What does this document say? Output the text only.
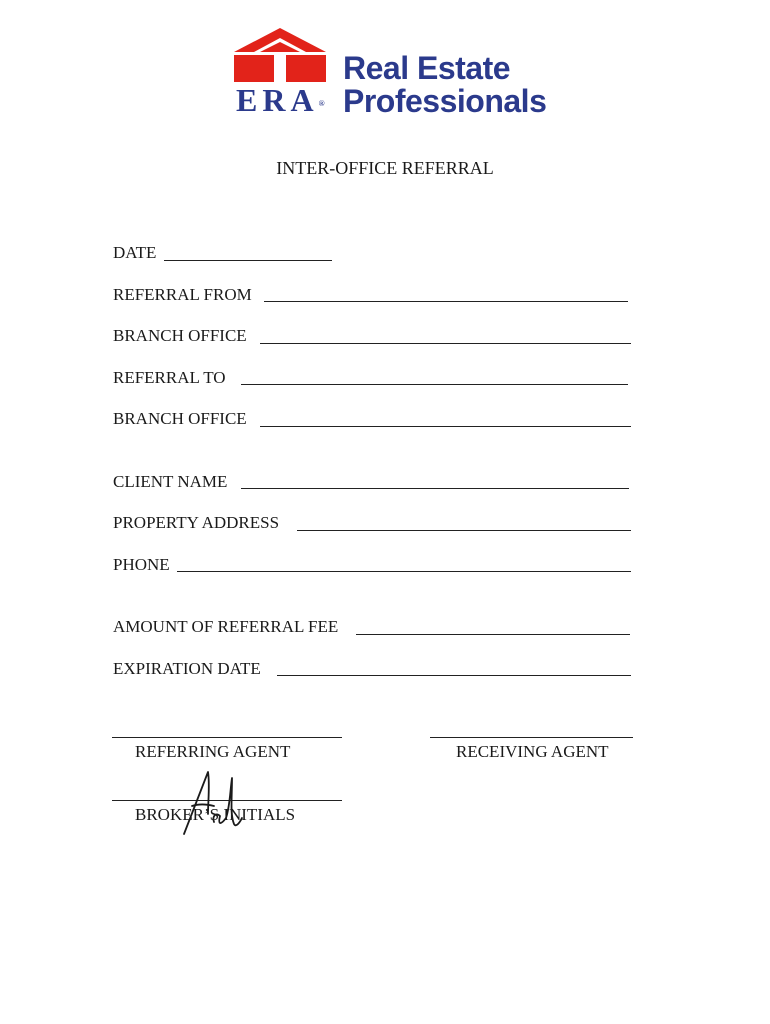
ERA®
Real Estate
Professionals
INTER-OFFICE REFERRAL
DATE
REFERRAL FROM
BRANCH OFFICE
REFERRAL TO
BRANCH OFFICE
CLIENT NAME
PROPERTY ADDRESS
PHONE
AMOUNT OF REFERRAL FEE
EXPIRATION DATE
REFERRING AGENT	RECEIVING AGENT
BROKER’S INITIALS
